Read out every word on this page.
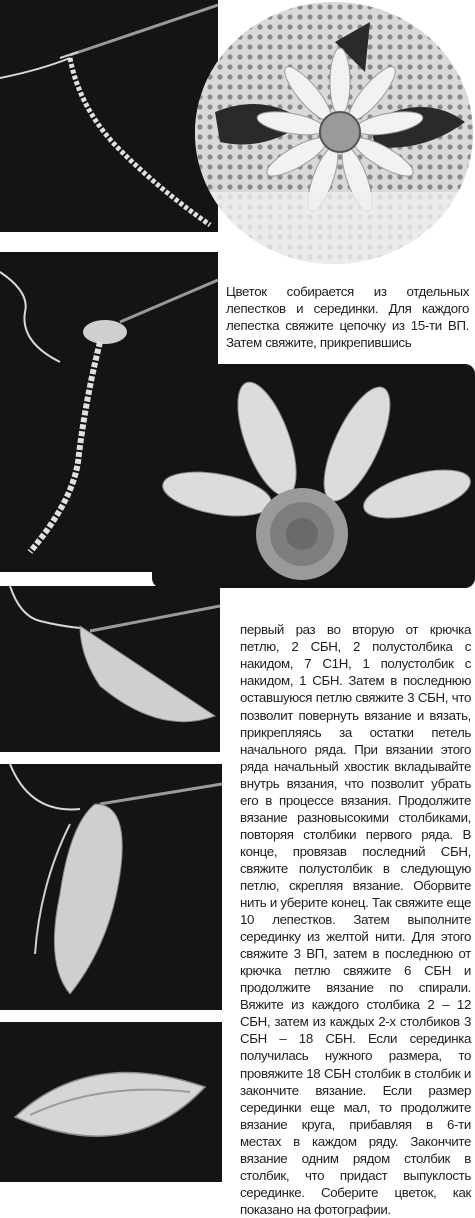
Цветок собирается из отдельных лепестков и серединки. Для каждого лепестка свяжите цепочку из 15-ти ВП. Затем свяжите, прикрепившись

первый раз во вторую от крючка петлю, 2 СБН, 2 полустолбика с накидом, 7 С1Н, 1 полустолбик с накидом, 1 СБН. Затем в последнюю оставшуюся петлю свяжите 3 СБН, что позволит повернуть вязание и вязать, прикрепляясь за остатки петель начального ряда. При вязании этого ряда начальный хвостик вкладывайте внутрь вязания, что позволит убрать его в процессе вязания. Продолжите вязание разновысокими столбиками, повторяя столбики первого ряда. В конце, провязав последний СБН, свяжите полустолбик в следующую петлю, скрепляя вязание. Оборвите нить и уберите конец. Так свяжите еще 10 лепестков. Затем выполните серединку из желтой нити. Для этого свяжите 3 ВП, затем в последнюю от крючка петлю свяжите 6 СБН и продолжите вязание по спирали. Вяжите из каждого столбика 2 – 12 СБН, затем из каждых 2-х столбиков 3 СБН – 18 СБН. Если серединка получилась нужного размера, то провяжите 18 СБН столбик в столбик и закончите вязание. Если размер серединки еще мал, то продолжите вязание круга, прибавляя в 6-ти местах в каждом ряду. Закончите вязание одним рядом столбик в столбик, что придаст выпуклость серединке. Соберите цветок, как показано на фотографии.
